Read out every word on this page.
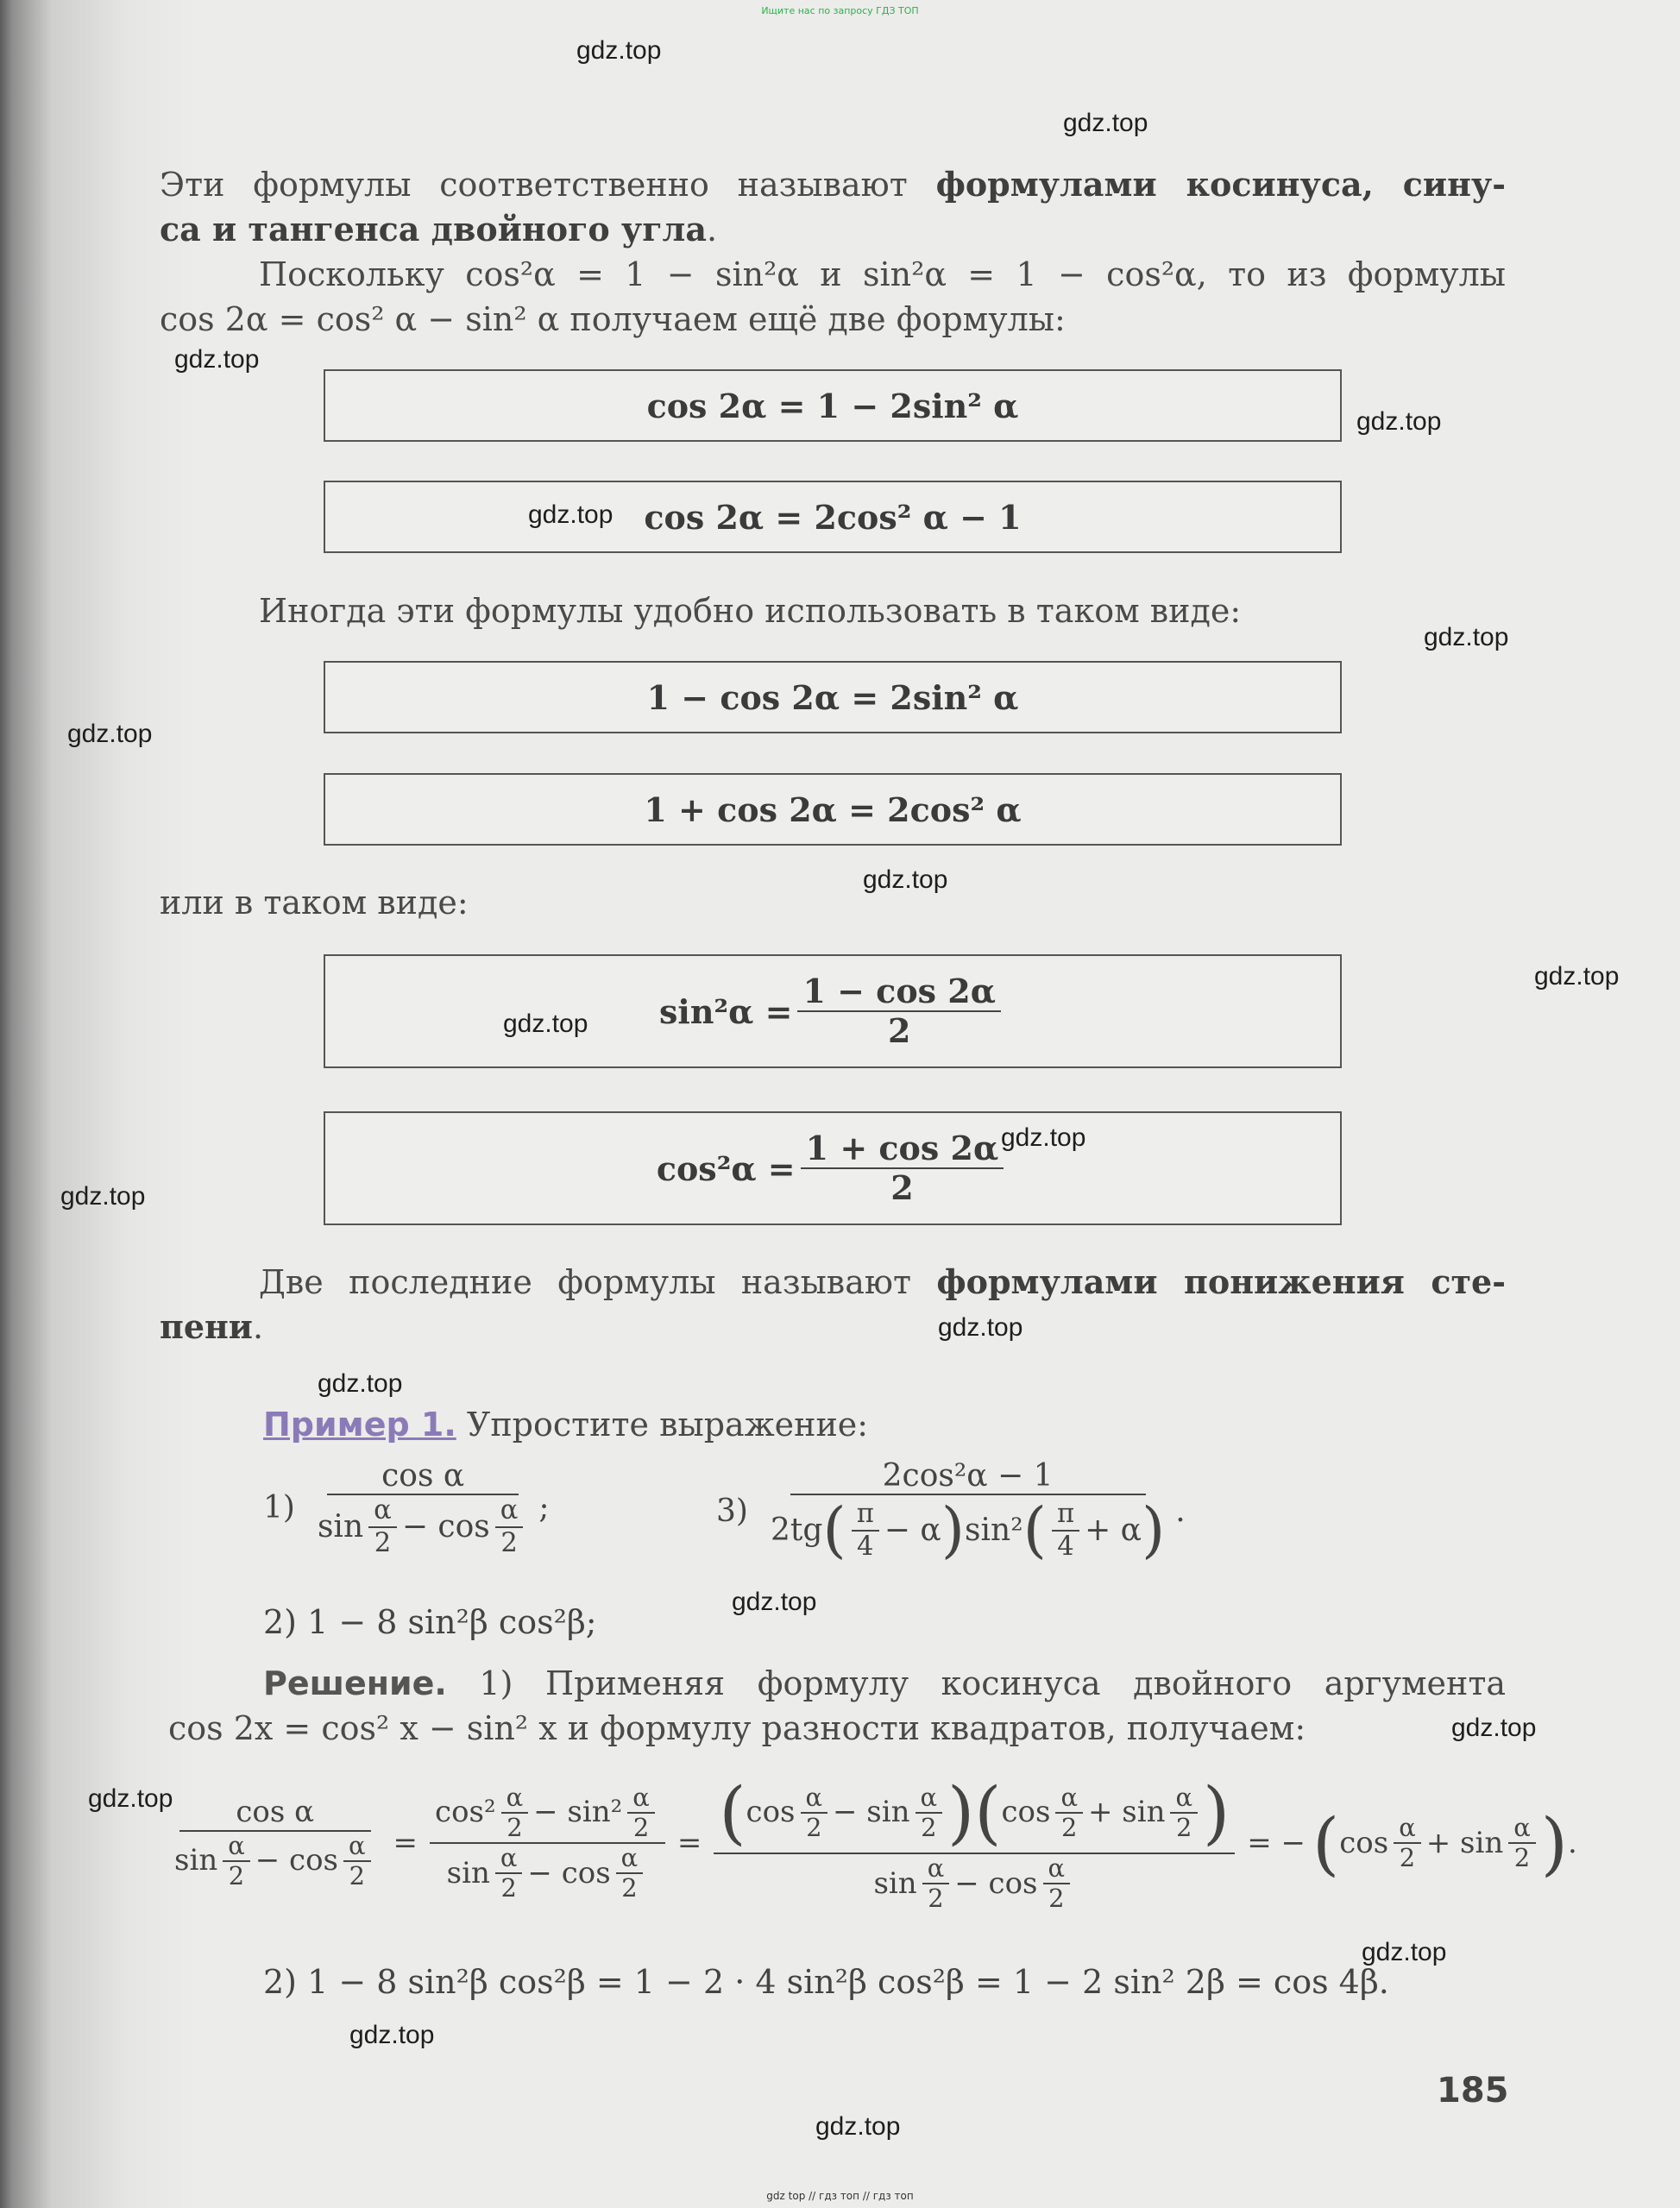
Ищите нас по запросу ГДЗ ТОП
Эти формулы соответственно называют формулами косинуса, сину-
са и тангенса двойного угла.
Поскольку cos²α = 1 − sin²α и sin²α = 1 − cos²α, то из формулы
cos 2α = cos² α − sin² α получаем ещё две формулы:
cos 2α = 1 − 2sin² α
cos 2α = 2cos² α − 1
Иногда эти формулы удобно использовать в таком виде:
1 − cos 2α = 2sin² α
1 + cos 2α = 2cos² α
или в таком виде:
$\sin^2\alpha = \frac{1 - \cos 2\alpha}{2}$
$\cos^2\alpha = \frac{1 + \cos 2\alpha}{2}$
Две последние формулы называют формулами понижения сте-
пени.
Пример 1. Упростите выражение:
$1) \frac{\text{cos α}}{\sin \frac{\alpha}{2} - \cos \frac{\alpha}{2}}$ ;	3)
2cos²α − 1
2tg ( $\frac{\pi}{4} - \alpha$ ) sin² ( $\frac{\pi}{4} + \alpha$ ) .
2) 1 − 8 sin²β cos²β;
Решение. 1) Применяя формулу косинуса двойного аргумента
cos 2x = cos² x − sin² x и формулу разности квадратов, получаем:
$\frac{\text{cos α}}{\sin \frac{\alpha}{2} - \cos \frac{\alpha}{2}} = \frac{\cos^2 \frac{\alpha}{2} - \sin^2 \frac{\alpha}{2}}{\sin \frac{\alpha}{2} - \cos \frac{\alpha}{2}}$ = ( $\cos \frac{\alpha}{2} - \sin \frac{\alpha}{2}$ )( $\cos \frac{\alpha}{2} + \sin \frac{\alpha}{2}$ )
$\sin \frac{\alpha}{2} - \cos \frac{\alpha}{2}$
= − ( $\cos \frac{\alpha}{2} + \sin \frac{\alpha}{2}$ ) .
2) 1 − 8 sin²β cos²β = 1 − 2 · 4 sin²β cos²β = 1 − 2 sin² 2β = cos 4β.
185
gdz.top
gdz.top
gdz.top
gdz.top
gdz.top
gdz.top
gdz.top
gdz.top
gdz.top
gdz.top
gdz.top
gdz.top
gdz.top
gdz.top
gdz.top
gdz.top
gdz.top
gdz.top
gdz.top
gdz.top
gdz top // гдз топ // гдз топ
